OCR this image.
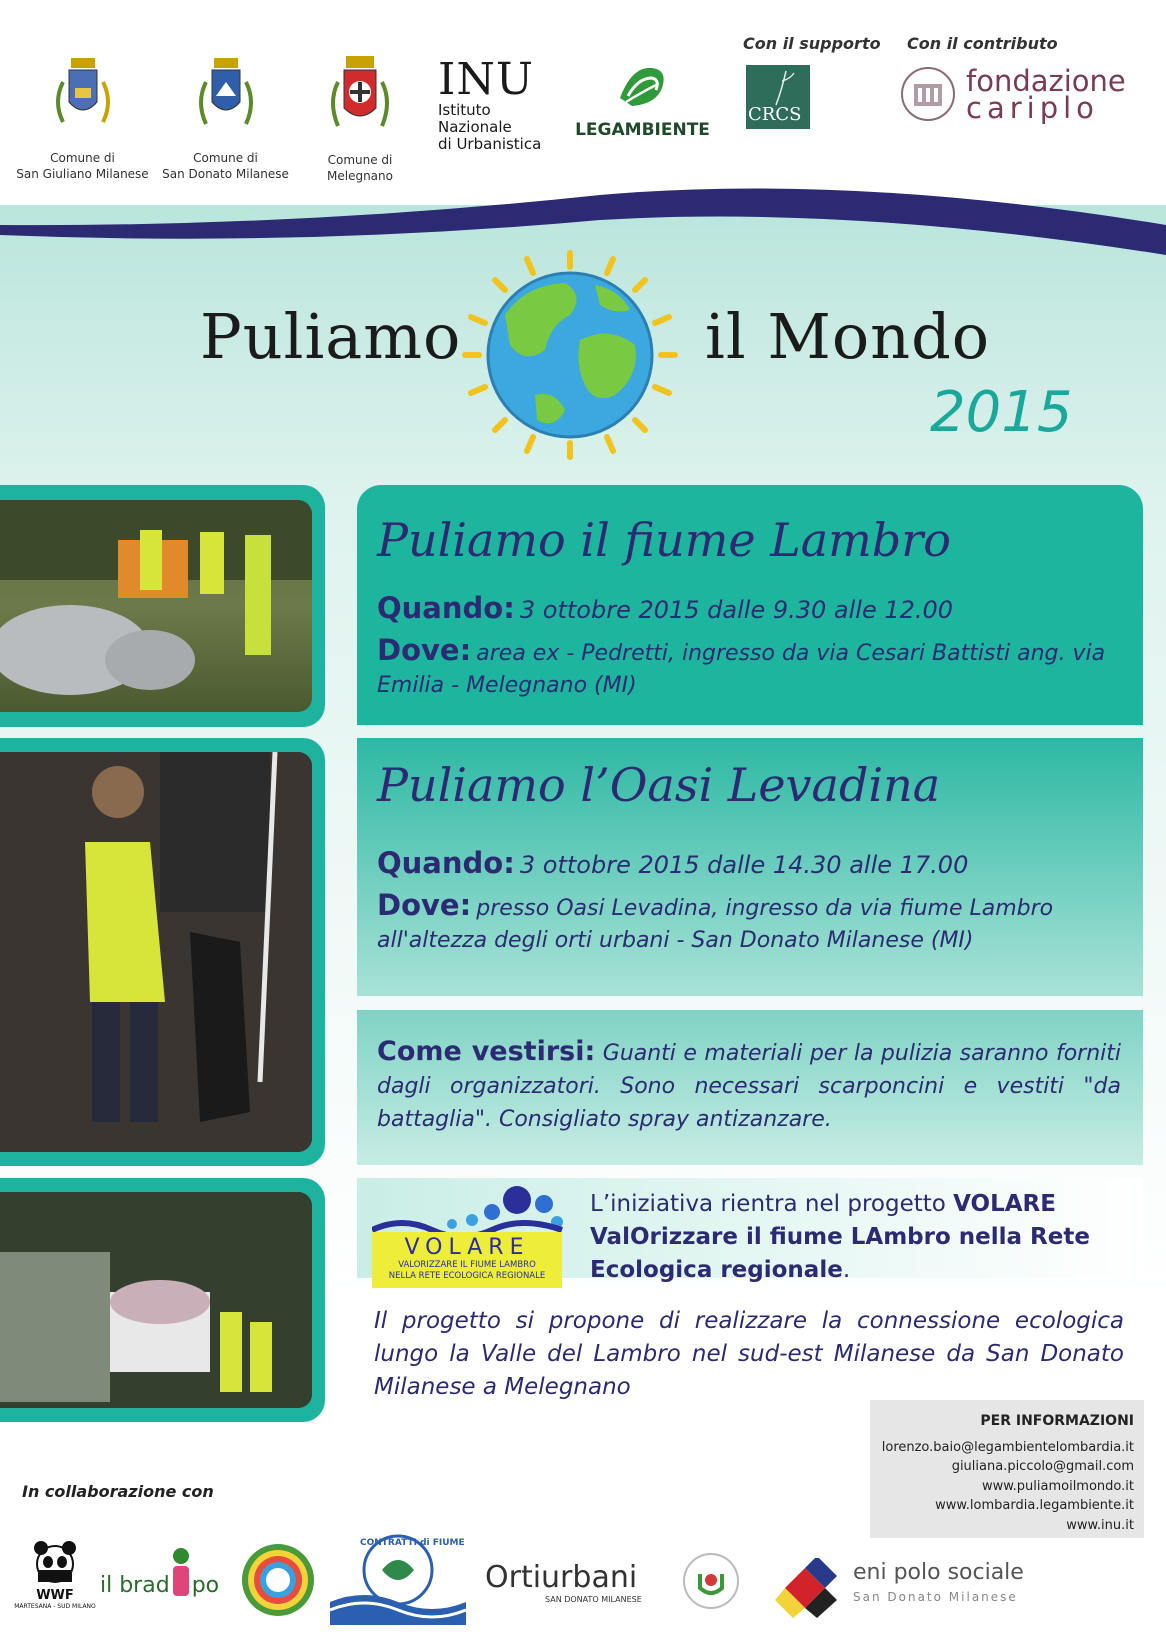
Comune di
San Giuliano Milanese
Comune di
San Donato Milanese
Comune di
Melegnano
INU
Istituto Nazionale
di Urbanistica
LEGAMBIENTE
Con il supporto
CRCS
Con il contributo
fondazione
cariplo
Puliamo	il Mondo
2015
Puliamo il fiume Lambro
Quando: 3 ottobre 2015 dalle 9.30 alle 12.00
Dove: area ex - Pedretti, ingresso da via Cesari Battisti ang. via Emilia - Melegnano (MI)
Puliamo l’Oasi Levadina
Quando: 3 ottobre 2015 dalle 14.30 alle 17.00
Dove: presso Oasi Levadina, ingresso da via fiume Lambro all'altezza degli orti urbani - San Donato Milanese (MI)
Come vestirsi: Guanti e materiali per la pulizia saranno forniti dagli organizzatori. Sono necessari scarponcini e vestiti "da battaglia". Consigliato spray antizanzare.
VOLARE
VALORIZZARE IL FIUME LAMBRO
NELLA RETE ECOLOGICA REGIONALE
L’iniziativa rientra nel progetto VOLARE ValOrizzare il fiume LAmbro nella Rete Ecologica regionale.
Il progetto si propone di realizzare la connessione ecologica lungo la Valle del Lambro nel sud-est Milanese da San Donato Milanese a Melegnano
PER INFORMAZIONI
lorenzo.baio@legambientelombardia.it
giuliana.piccolo@gmail.com
www.puliamoilmondo.it
www.lombardia.legambiente.it
www.inu.it
In collaborazione con
WWF
MARTESANA - SUD MILANO
il brad po
CONTRATTI di FIUME
Ortiurbani
SAN DONATO MILANESE
eni polo sociale
San Donato Milanese
